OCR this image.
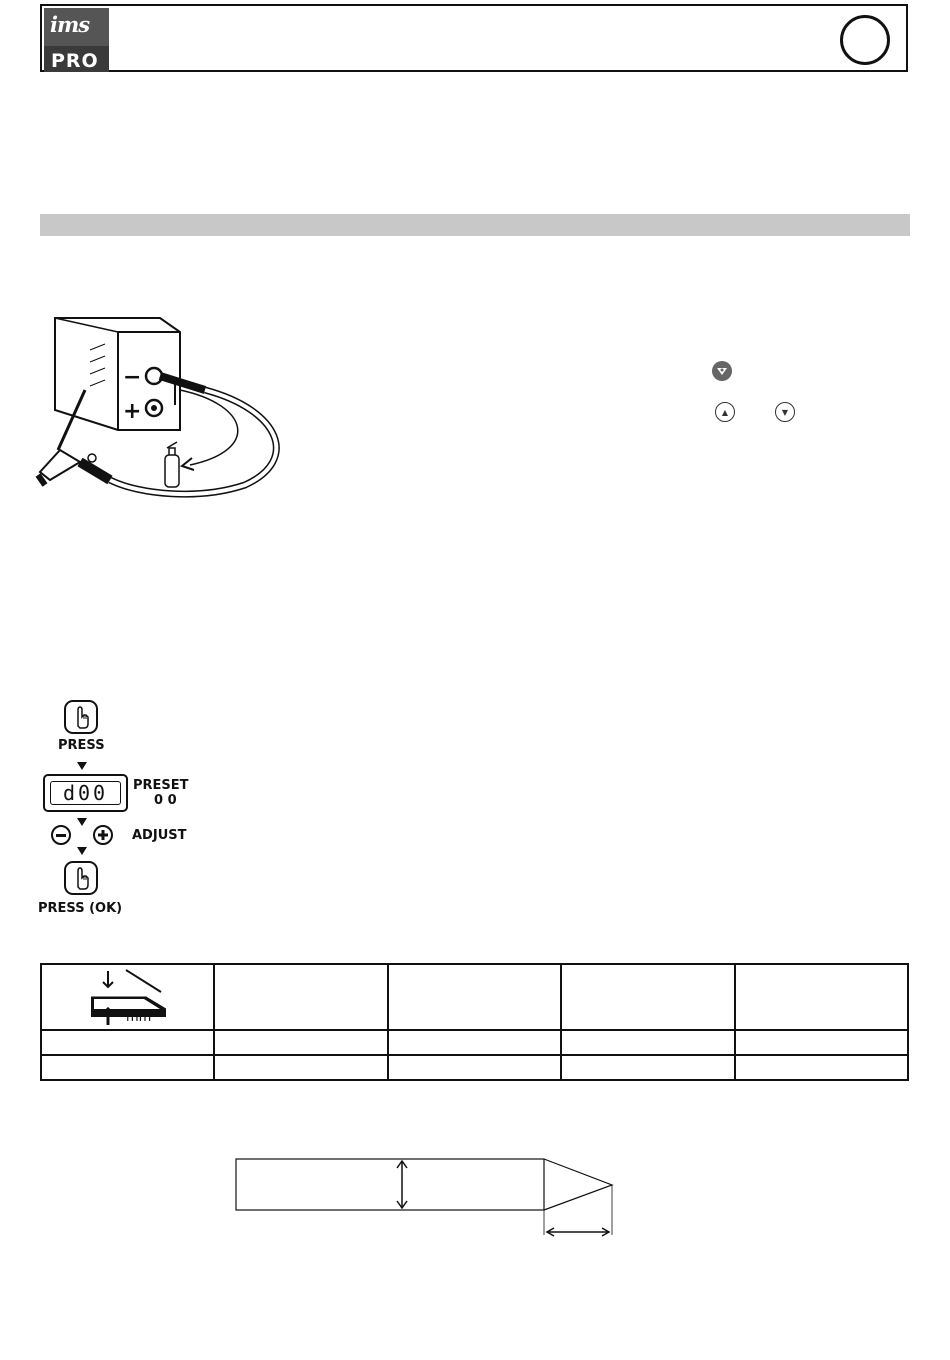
ims
PRO
−
+	▲	▼
PRESS
d00	PRESET
0 0
ADJUST
PRESS (OK)
mm				
